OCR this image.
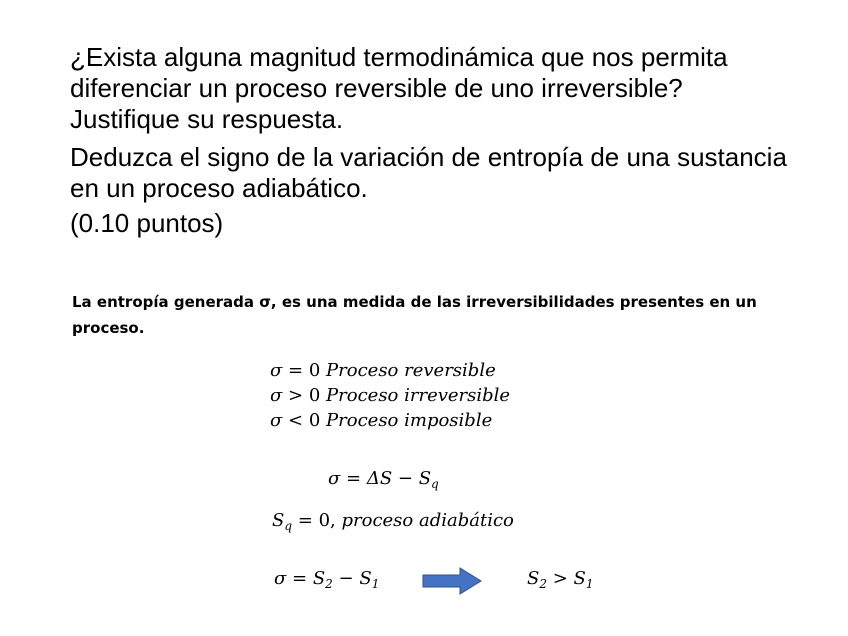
¿Exista alguna magnitud termodinámica que nos permita diferenciar un proceso reversible de uno irreversible? Justifique su respuesta.

Deduzca el signo de la variación de entropía de una sustancia en un proceso adiabático.

(0.10 puntos)

La entropía generada σ, es una medida de las irreversibilidades presentes en un proceso.

σ = 0 Proceso reversible
σ > 0 Proceso irreversible
σ < 0 Proceso imposible
$\sigma = \Delta S - S_q$
$S_q = 0$, proceso adiabático
$\sigma = S_2 - S_1$	$S_2 > S_1$
